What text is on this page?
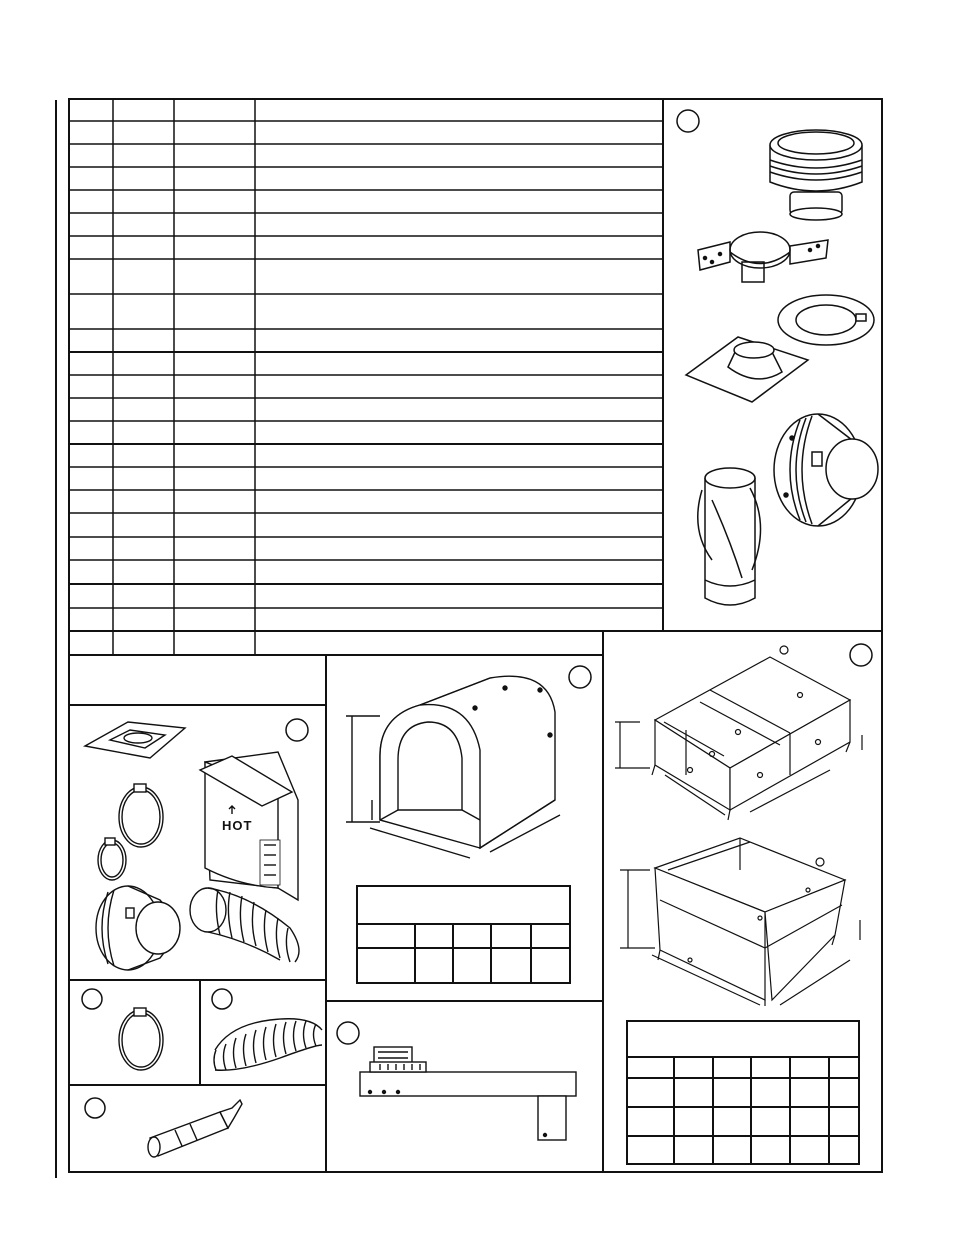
HOT
